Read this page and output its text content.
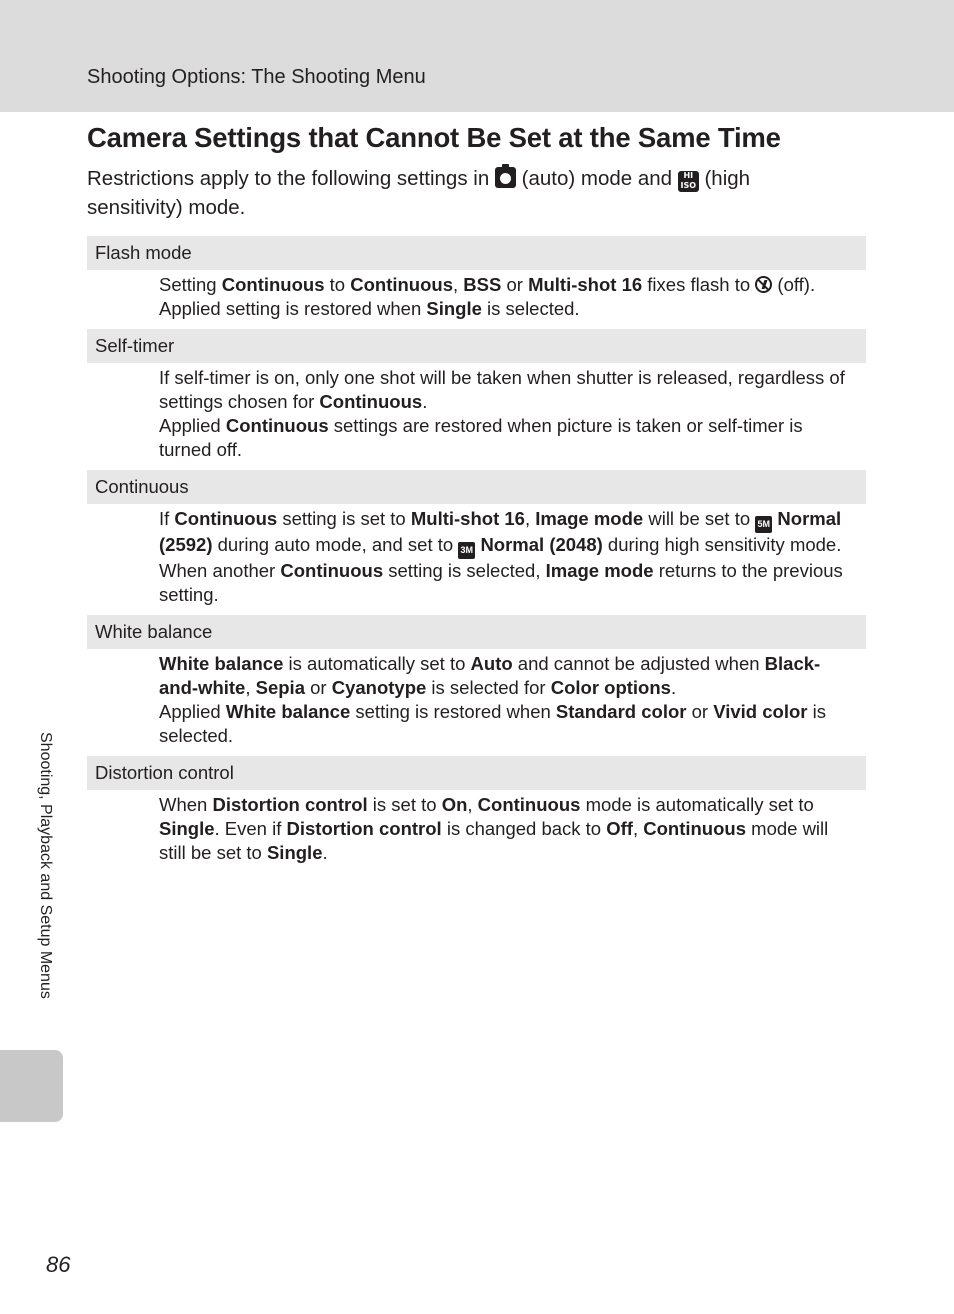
Shooting Options: The Shooting Menu
Camera Settings that Cannot Be Set at the Same Time
Restrictions apply to the following settings in (auto) mode and HI ISO (high sensitivity) mode.
Flash mode

Setting Continuous to Continuous, BSS or Multi-shot 16 fixes flash to  (off).

Applied setting is restored when Single is selected.

Self-timer

If self-timer is on, only one shot will be taken when shutter is released, regardless of settings chosen for Continuous.

Applied Continuous settings are restored when picture is taken or self-timer is turned off.

Continuous

If Continuous setting is set to Multi-shot 16, Image mode will be set to 5M Normal (2592) during auto mode, and set to 3M Normal (2048) during high sensitivity mode.

When another Continuous setting is selected, Image mode returns to the previous setting.

White balance

White balance is automatically set to Auto and cannot be adjusted when Black-and-white, Sepia or Cyanotype is selected for Color options.

Applied White balance setting is restored when Standard color or Vivid color is selected.

Distortion control

When Distortion control is set to On, Continuous mode is automatically set to Single. Even if Distortion control is changed back to Off, Continuous mode will still be set to Single.

Shooting, Playback and Setup Menus
86
